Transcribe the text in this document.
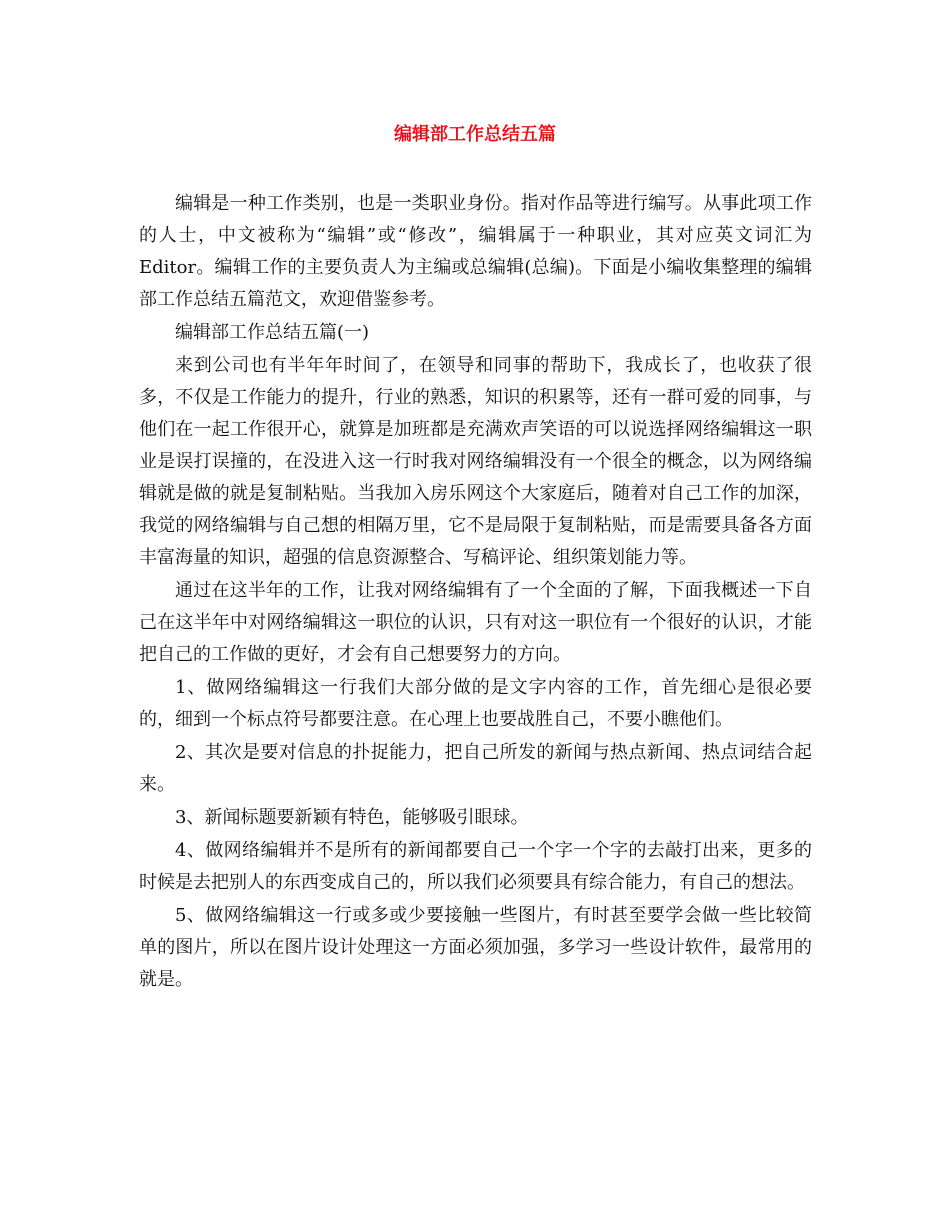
编辑部工作总结五篇

编辑是一种工作类别，也是一类职业身份。指对作品等进行编写。从事此项工作的人士，中文被称为“编辑”或“修改”，编辑属于一种职业，其对应英文词汇为Editor。编辑工作的主要负责人为主编或总编辑(总编)。下面是小编收集整理的编辑部工作总结五篇范文，欢迎借鉴参考。

编辑部工作总结五篇(一)

来到公司也有半年年时间了，在领导和同事的帮助下，我成长了，也收获了很多，不仅是工作能力的提升，行业的熟悉，知识的积累等，还有一群可爱的同事，与他们在一起工作很开心，就算是加班都是充满欢声笑语的可以说选择网络编辑这一职业是误打误撞的，在没进入这一行时我对网络编辑没有一个很全的概念，以为网络编辑就是做的就是复制粘贴。当我加入房乐网这个大家庭后，随着对自己工作的加深，我觉的网络编辑与自己想的相隔万里，它不是局限于复制粘贴，而是需要具备各方面丰富海量的知识，超强的信息资源整合、写稿评论、组织策划能力等。

通过在这半年的工作，让我对网络编辑有了一个全面的了解，下面我概述一下自己在这半年中对网络编辑这一职位的认识，只有对这一职位有一个很好的认识，才能把自己的工作做的更好，才会有自己想要努力的方向。

1、做网络编辑这一行我们大部分做的是文字内容的工作，首先细心是很必要的，细到一个标点符号都要注意。在心理上也要战胜自己，不要小瞧他们。

2、其次是要对信息的扑捉能力，把自己所发的新闻与热点新闻、热点词结合起来。

3、新闻标题要新颖有特色，能够吸引眼球。

4、做网络编辑并不是所有的新闻都要自己一个字一个字的去敲打出来，更多的时候是去把别人的东西变成自己的，所以我们必须要具有综合能力，有自己的想法。

5、做网络编辑这一行或多或少要接触一些图片，有时甚至要学会做一些比较简单的图片，所以在图片设计处理这一方面必须加强，多学习一些设计软件，最常用的就是。
